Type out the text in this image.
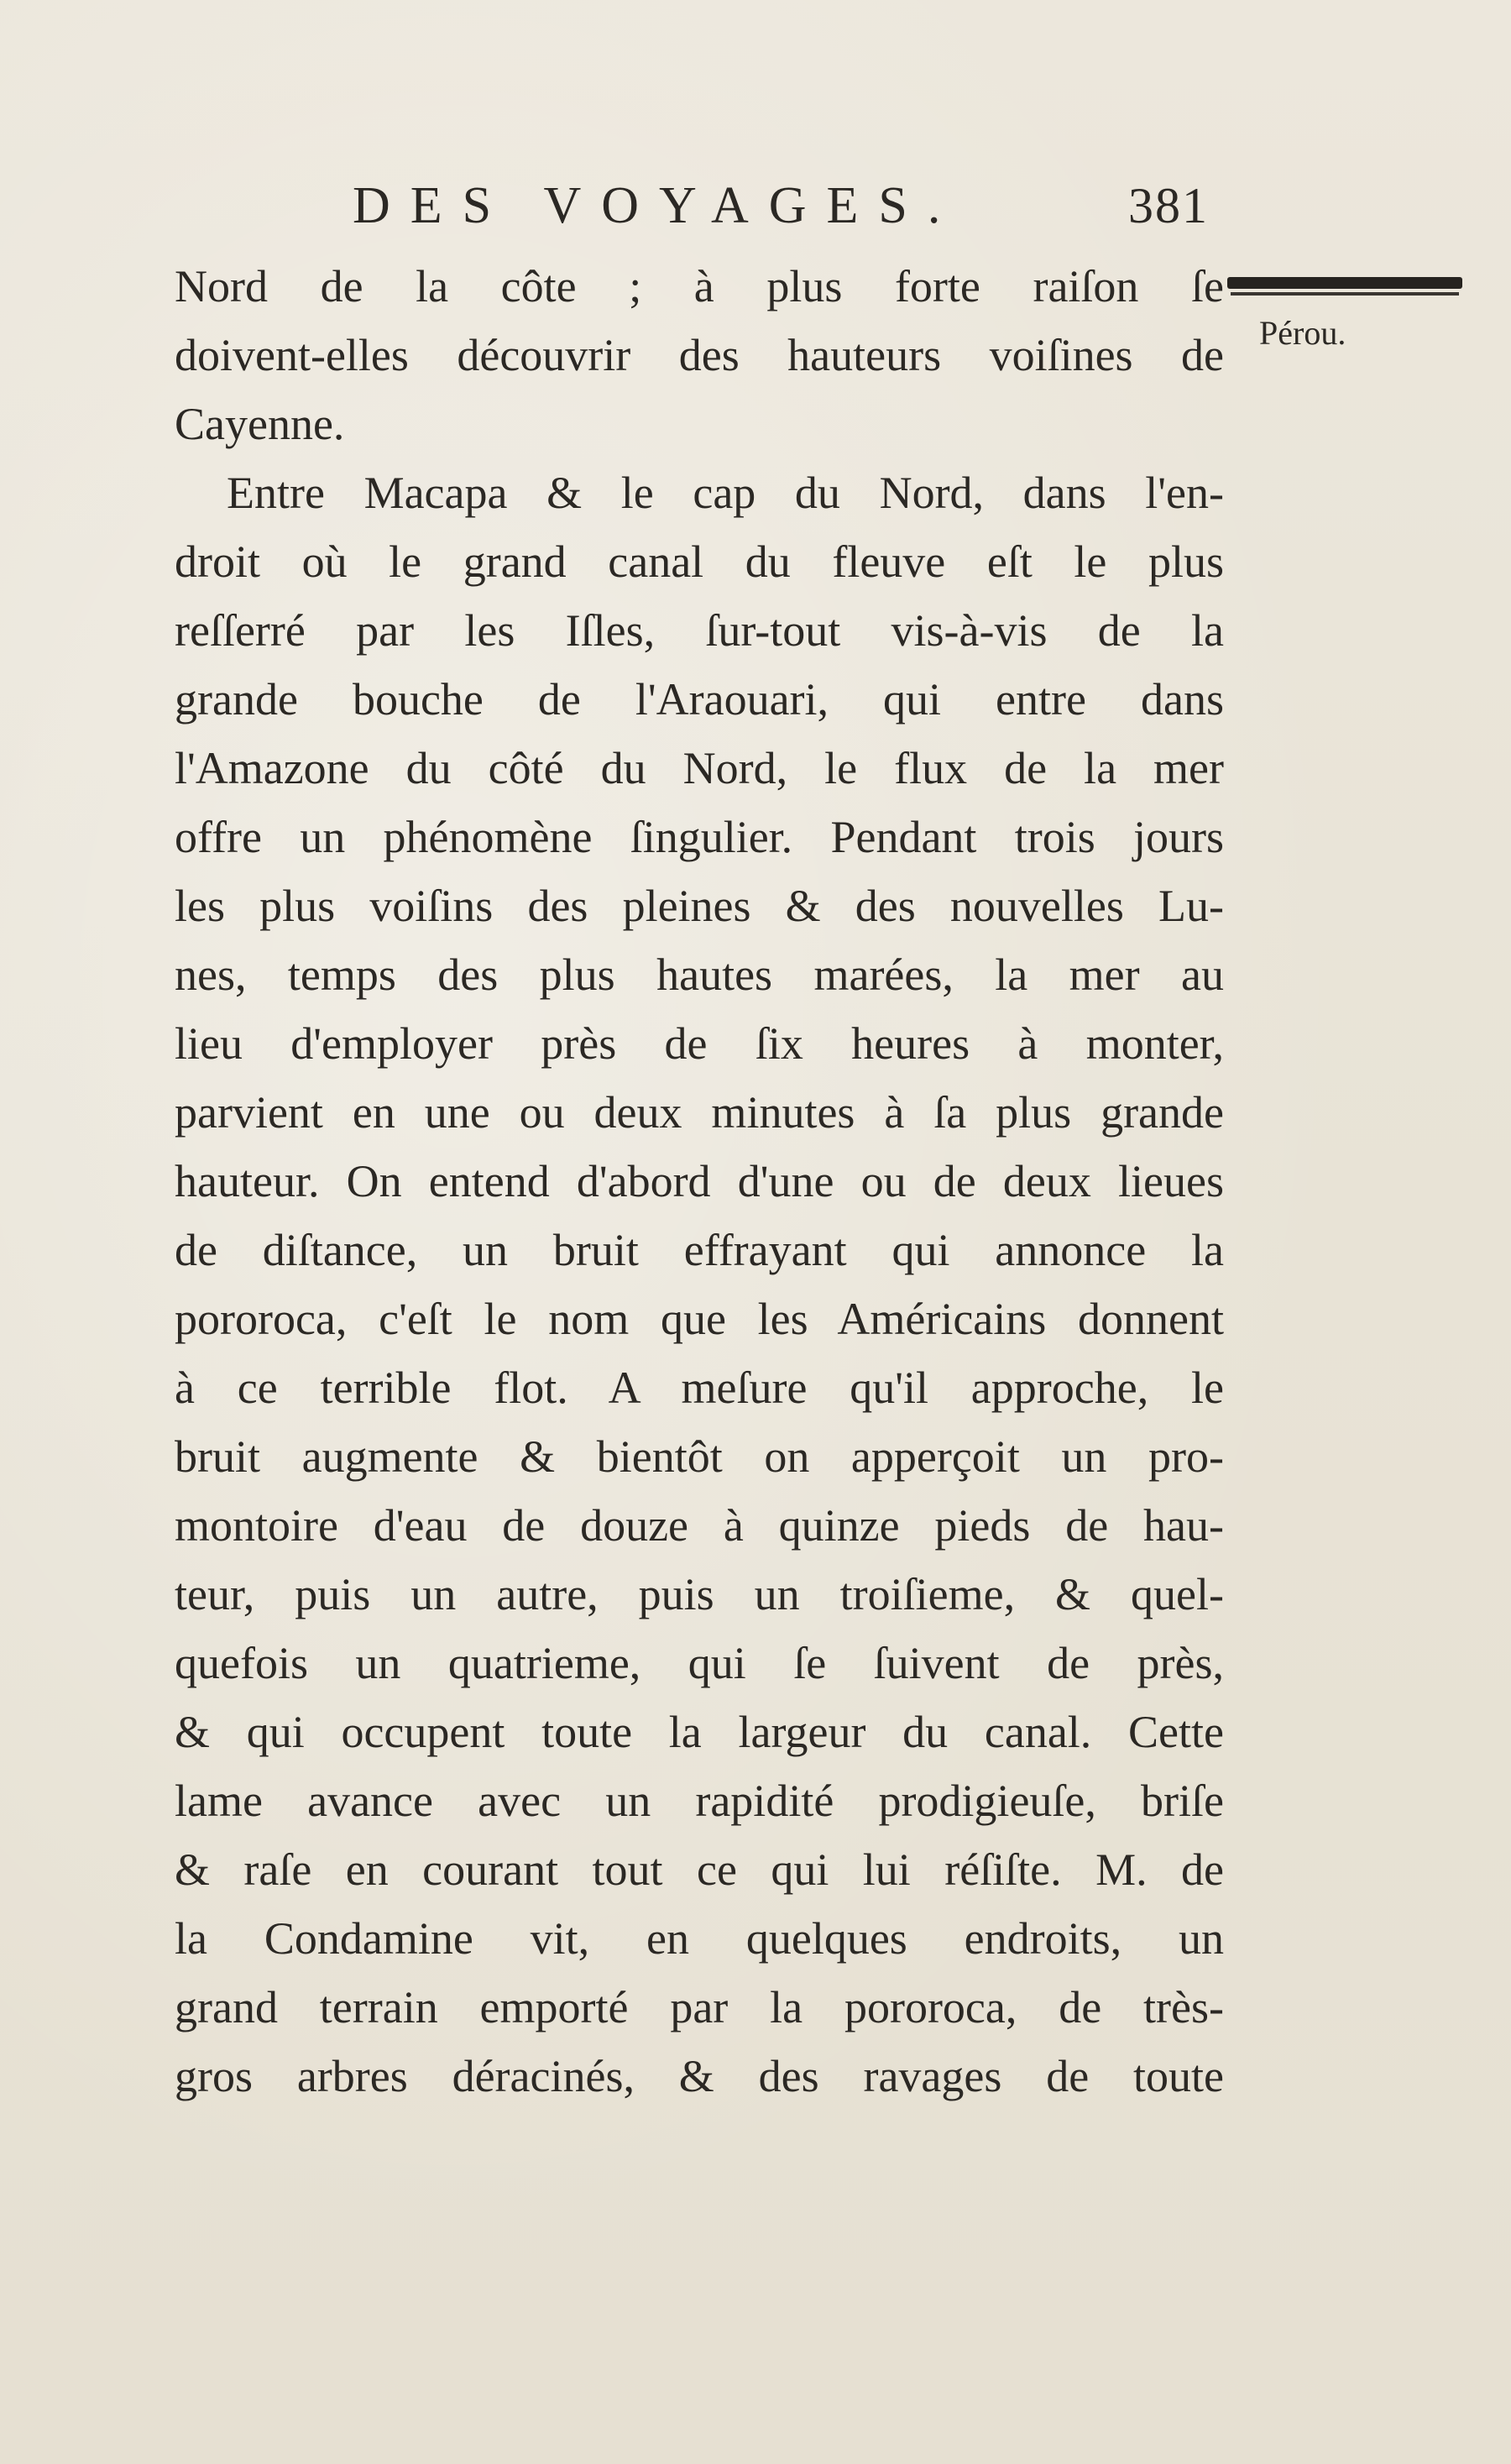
DES VOYAGES.	381
Pérou.
Nord de la côte ; à plus forte raiſon ſe
doivent-elles découvrir des hauteurs voiſines de
Cayenne.
Entre Macapa & le cap du Nord, dans l'en-
droit où le grand canal du fleuve eſt le plus
reſſerré par les Iſles, ſur-tout vis-à-vis de la
grande bouche de l'Araouari, qui entre dans
l'Amazone du côté du Nord, le flux de la mer
offre un phénomène ſingulier. Pendant trois jours
les plus voiſins des pleines & des nouvelles Lu-
nes, temps des plus hautes marées, la mer au
lieu d'employer près de ſix heures à monter,
parvient en une ou deux minutes à ſa plus grande
hauteur. On entend d'abord d'une ou de deux lieues
de diſtance, un bruit effrayant qui annonce la
pororoca, c'eſt le nom que les Américains donnent
à ce terrible flot. A meſure qu'il approche, le
bruit augmente & bientôt on apperçoit un pro-
montoire d'eau de douze à quinze pieds de hau-
teur, puis un autre, puis un troiſieme, & quel-
quefois un quatrieme, qui ſe ſuivent de près,
& qui occupent toute la largeur du canal. Cette
lame avance avec un rapidité prodigieuſe, briſe
& raſe en courant tout ce qui lui réſiſte. M. de
la Condamine vit, en quelques endroits, un
grand terrain emporté par la pororoca, de très-
gros arbres déracinés, & des ravages de toute
